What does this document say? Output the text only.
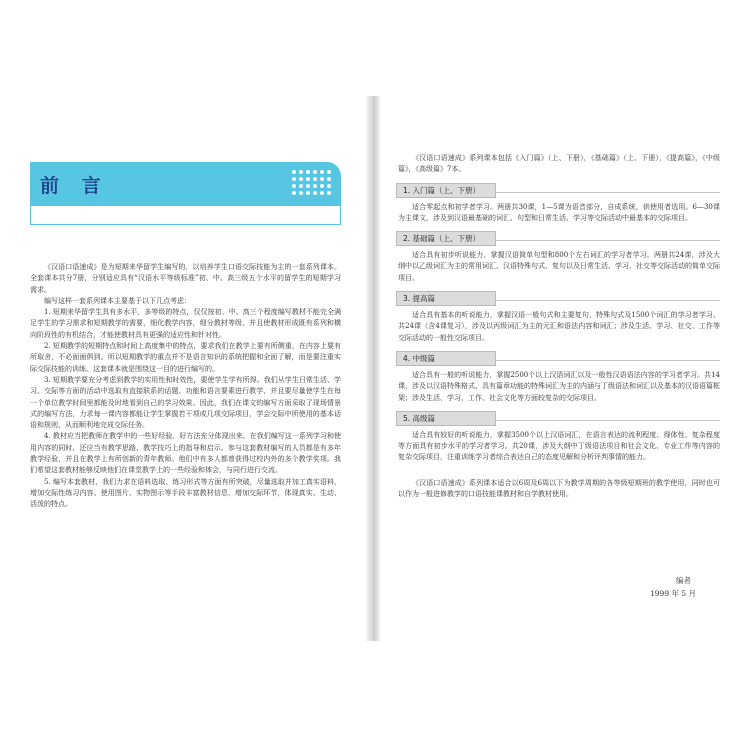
前 言

《汉语口语速成》是为短期来华留学生编写的，以培养学生口语交际技能为主的一套系列课本。全套课本共分7册，分别适应具有“汉语水平等级标准”初、中、高三级五个水平的留学生的短期学习需求。

编写这样一套系列课本主要基于以下几点考虑：

1. 短期来华留学生具有多水平、多等级的特点，仅仅按初、中、高三个程度编写教材不能完全满足学生的学习需求和短期教学的需要，细化教学内容，细分教材等级，并且使教材形成既有系列和横向阶段性的有机结合，才能使教材具有更强的适应性和针对性。

2. 短期教学的短期特点和时间上高度集中的特点，要求我们在教学上要有所侧重，在内容上要有所取舍，不必面面俱到。所以短期教学的重点并不是语言知识的系统把握和全面了解，而是要注重实际交际技能的训练。这套课本就是围绕这一目的进行编写的。

3. 短期教学要充分考虑到教学的实用性和时效性，要使学生学有所得。我们从学生日常生活、学习、交际等方面的活动中选取有直接联系的话题、功能和语言要素进行教学，并且要尽量使学生在每一个单位教学时间里都能及时地看到自己的学习效果。因此，我们在课文的编写方面采取了现场情景式的编写方法，力求每一课内容都能让学生掌握若干项或几项交际项目，学会交际中所使用的基本话语和规则，从而顺利地完成交际任务。

4. 教材应当把教师在教学中的一些好经验、好方法充分体现出来。在我们编写这一系列学习和使用内容的同时，还应当有教学思路、教学技巧上的指导和启示。参与这套教材编写的人员都是有多年教学经验，并且在教学上有所创新的青年教师。他们中有多人都曾获得过校内外的多个教学奖项。我们希望这套教材能够反映他们在课堂教学上的一些经验和体会，与同行进行交流。

5. 编写本套教材，我们力求在语料选取、练习形式等方面有所突破，尽量选取并加工真实语料，增加交际性练习内容。使用图片、实物图示等手段丰富教材信息，增加交际环节，体现真实、生动、活泼的特点。

《汉语口语速成》系列课本包括《入门篇》（上、下册），《基础篇》（上、下册），《提高篇》，《中级篇》，《高级篇》7本。

1. 入门篇（上、下册）

适合零起点和初学者学习。两册共30课，1—5课为语音部分，自成系统，供使用者选用。6—30课为主课文，涉及到汉语最基础的词汇、句型和日常生活、学习等交际活动中最基本的交际项目。

2. 基础篇（上、下册）

适合具有初步听说能力、掌握汉语简单句型和800个左右词汇的学习者学习。两册共24课，涉及大纲中以乙级词汇为主的常用词汇、汉语特殊句式、复句以及日常生活、学习、社交等交际活动的简单交际项目。

3. 提高篇

适合具有基本的听说能力，掌握汉语一般句式和主要复句、特殊句式及1500个词汇的学习者学习。共24课（含4课复习），涉及以丙级词汇为主的元汇和语法内容和词汇；涉及生活、学习、社交、工作等交际活动的一般性交际项目。

4. 中级篇

适合具有一般的听说能力，掌握2500个以上汉语词汇以及一般性汉语语法内容的学习者学习。共14课，涉及以汉语特殊格式、具有篇章功能的特殊词汇为主的内涵与丁级语法和词汇以及基本的汉语语篇框架；涉及生活、学习、工作、社会文化等方面较复杂的交际项目。

5. 高级篇

适合具有较好的听说能力，掌握3500个以上汉语词汇，在语言表达的流利程度、得体性、复杂程度等方面具有初步水平的学习者学习。共20课，涉及大纲中丁级语法项目和社会文化、专业工作等内容的复杂交际项目，注重训练学习者综合表达自己的态度见解和分析评判事情的能力。

《汉语口语速成》系列课本适合以6周及6周以下为教学周期的各等级短期班的教学使用，同时也可以作为一般进修教学的口语技能课教材和自学教材使用。

编者
1999 年 5 月
